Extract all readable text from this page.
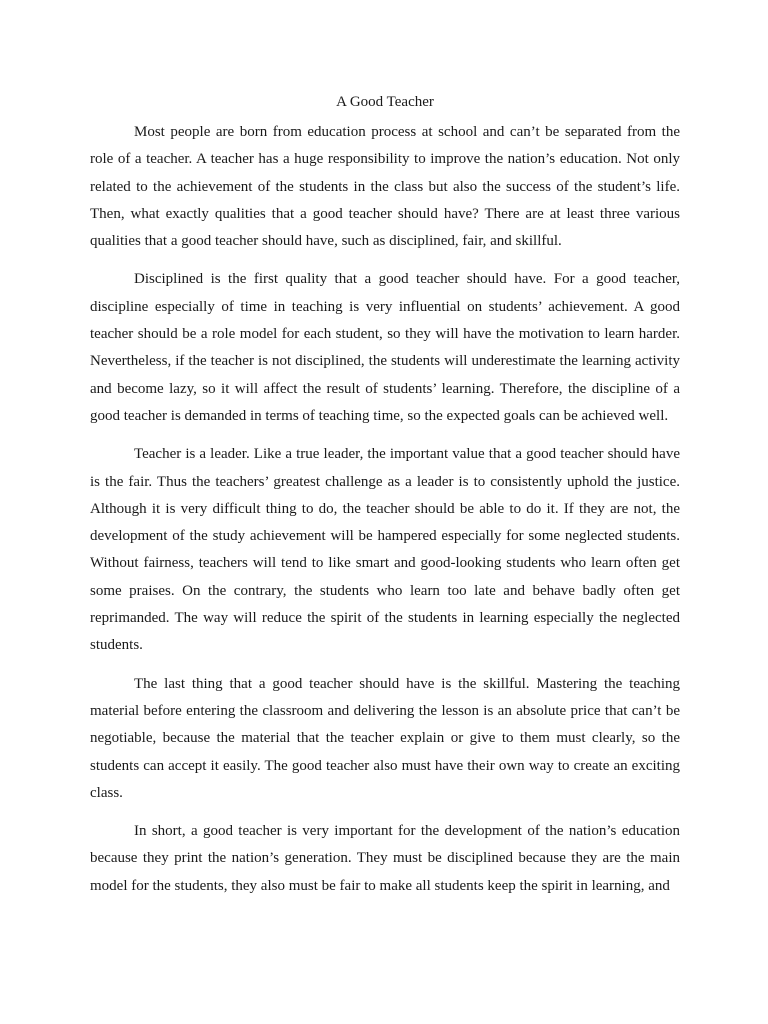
A Good Teacher

Most people are born from education process at school and can’t be separated from the role of a teacher. A teacher has a huge responsibility to improve the nation’s education. Not only related to the achievement of the students in the class but also the success of the student’s life. Then, what exactly qualities that a good teacher should have? There are at least three various qualities that a good teacher should have, such as disciplined, fair, and skillful.

Disciplined is the first quality that a good teacher should have. For a good teacher, discipline especially of time in teaching is very influential on students’ achievement. A good teacher should be a role model for each student, so they will have the motivation to learn harder. Nevertheless, if the teacher is not disciplined, the students will underestimate the learning activity and become lazy, so it will affect the result of students’ learning. Therefore, the discipline of a good teacher is demanded in terms of teaching time, so the expected goals can be achieved well.

Teacher is a leader. Like a true leader, the important value that a good teacher should have is the fair. Thus the teachers’ greatest challenge as a leader is to consistently uphold the justice. Although it is very difficult thing to do, the teacher should be able to do it. If they are not, the development of the study achievement will be hampered especially for some neglected students. Without fairness, teachers will tend to like smart and good-looking students who learn often get some praises. On the contrary, the students who learn too late and behave badly often get reprimanded. The way will reduce the spirit of the students in learning especially the neglected students.

The last thing that a good teacher should have is the skillful. Mastering the teaching material before entering the classroom and delivering the lesson is an absolute price that can’t be negotiable, because the material that the teacher explain or give to them must clearly, so the students can accept it easily. The good teacher also must have their own way to create an exciting class.

In short, a good teacher is very important for the development of the nation’s education because they print the nation’s generation. They must be disciplined because they are the main model for the students, they also must be fair to make all students keep the spirit in learning, and
